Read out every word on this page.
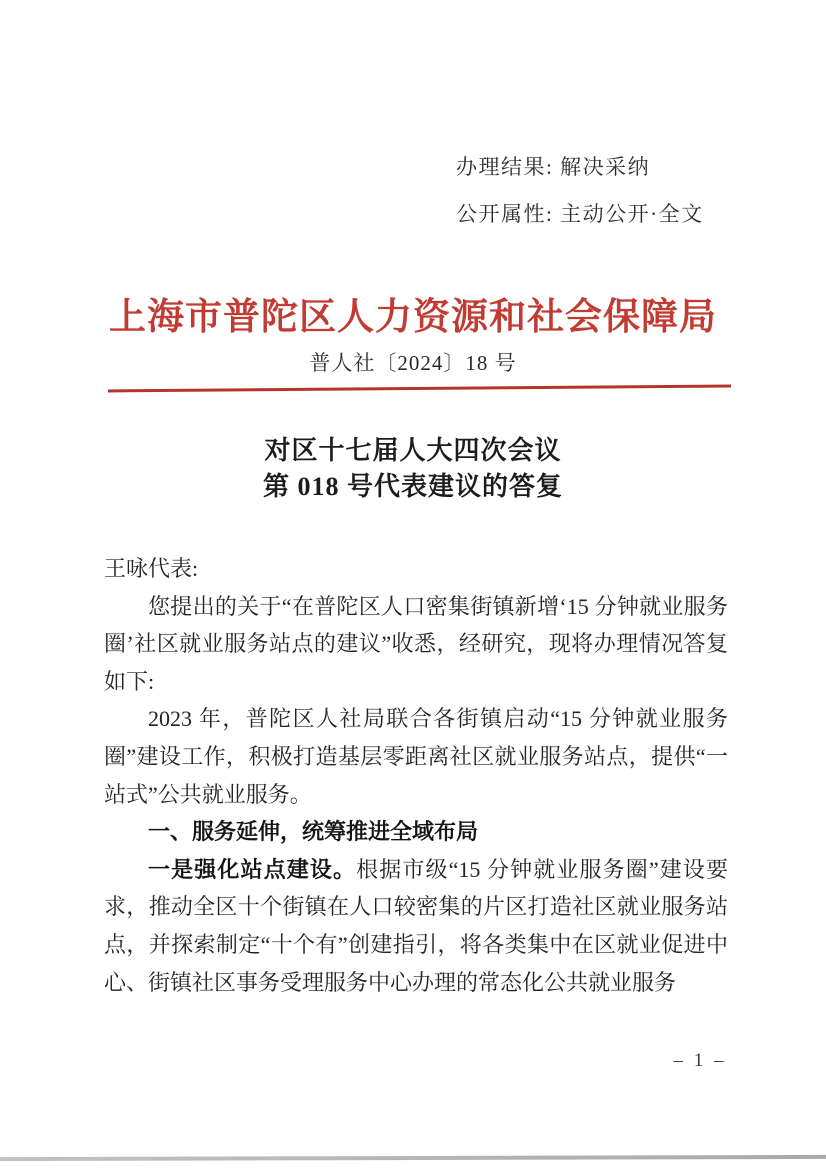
办理结果: 解决采纳
公开属性: 主动公开·全文
上海市普陀区人力资源和社会保障局
普人社〔2024〕18 号
对区十七届人大四次会议
第 018 号代表建议的答复

王咏代表:

您提出的关于“在普陀区人口密集街镇新增‘15 分钟就业服务圈’社区就业服务站点的建议”收悉，经研究，现将办理情况答复如下:

2023 年，普陀区人社局联合各街镇启动“15 分钟就业服务圈”建设工作，积极打造基层零距离社区就业服务站点，提供“一站式”公共就业服务。

一、服务延伸，统筹推进全域布局

一是强化站点建设。根据市级“15 分钟就业服务圈”建设要求，推动全区十个街镇在人口较密集的片区打造社区就业服务站点，并探索制定“十个有”创建指引，将各类集中在区就业促进中心、街镇社区事务受理服务中心办理的常态化公共就业服务

– 1 –
